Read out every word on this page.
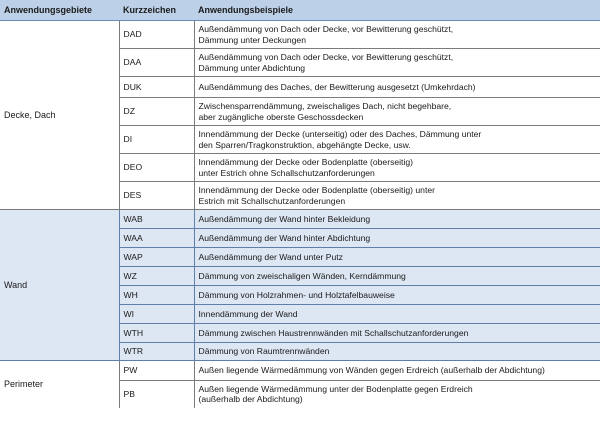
Anwendungsgebiete	Kurzzeichen	Anwendungsbeispiele
Decke, Dach	DAD	Außendämmung von Dach oder Decke, vor Bewitterung geschützt,
Dämmung unter Deckungen
	DAA	Außendämmung von Dach oder Decke, vor Bewitterung geschützt,
Dämmung unter Abdichtung
	DUK	Außendämmung des Daches, der Bewitterung ausgesetzt (Umkehrdach)
	DZ	Zwischensparrendämmung, zweischaliges Dach, nicht begehbare,
aber zugängliche oberste Geschossdecken
	DI	Innendämmung der Decke (unterseitig) oder des Daches, Dämmung unter
den Sparren/Tragkonstruktion, abgehängte Decke, usw.
	DEO	Innendämmung der Decke oder Bodenplatte (oberseitig)
unter Estrich ohne Schallschutzanforderungen
	DES	Innendämmung der Decke oder Bodenplatte (oberseitig) unter
Estrich mit Schallschutzanforderungen
Wand	WAB	Außendämmung der Wand hinter Bekleidung
	WAA	Außendämmung der Wand hinter Abdichtung
	WAP	Außendämmung der Wand unter Putz
	WZ	Dämmung von zweischaligen Wänden, Kerndämmung
	WH	Dämmung von Holzrahmen- und Holztafelbauweise
	WI	Innendämmung der Wand
	WTH	Dämmung zwischen Haustrennwänden mit Schallschutzanforderungen
	WTR	Dämmung von Raumtrennwänden
Perimeter	PW	Außen liegende Wärmedämmung von Wänden gegen Erdreich (außerhalb der Abdichtung)
	PB	Außen liegende Wärmedämmung unter der Bodenplatte gegen Erdreich
(außerhalb der Abdichtung)
